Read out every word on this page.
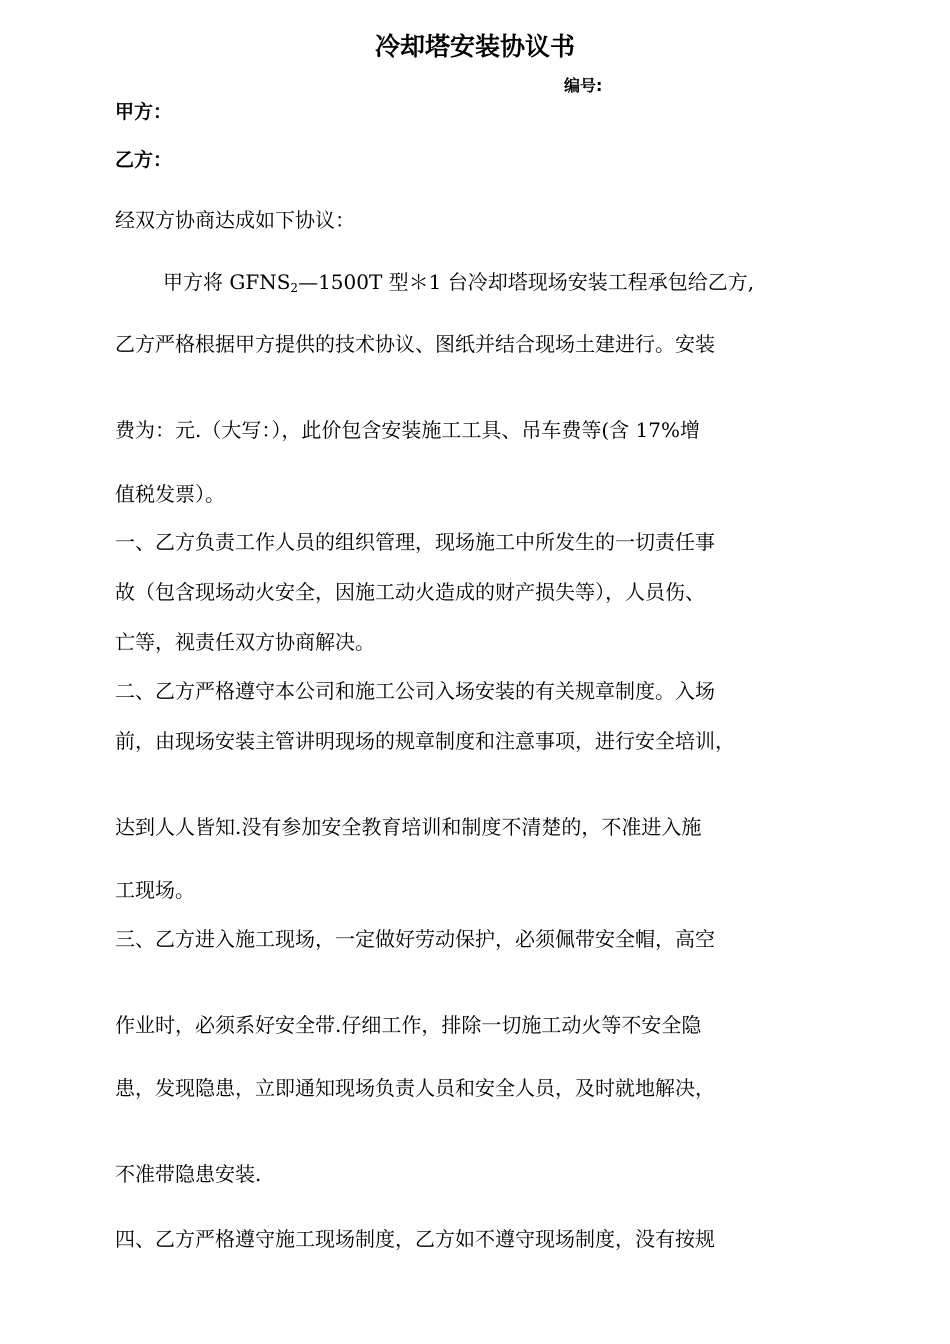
冷却塔安装协议书
编号:
甲方：
乙方：
经双方协商达成如下协议：
甲方将 $GFNS_2—1500T$ 型＊1 台冷却塔现场安装工程承包给乙方,
乙方严格根据甲方提供的技术协议、图纸并结合现场土建进行。安装
费为：元.（大写：），此价包含安装施工工具、吊车费等(含 17%增
值税发票）。
一、乙方负责工作人员的组织管理，现场施工中所发生的一切责任事
故（包含现场动火安全，因施工动火造成的财产损失等），人员伤、
亡等，视责任双方协商解决。
二、乙方严格遵守本公司和施工公司入场安装的有关规章制度。入场
前，由现场安装主管讲明现场的规章制度和注意事项，进行安全培训，
达到人人皆知.没有参加安全教育培训和制度不清楚的，不准进入施
工现场。
三、乙方进入施工现场，一定做好劳动保护，必须佩带安全帽，高空
作业时，必须系好安全带.仔细工作，排除一切施工动火等不安全隐
患，发现隐患，立即通知现场负责人员和安全人员，及时就地解决，
不准带隐患安装.
四、乙方严格遵守施工现场制度，乙方如不遵守现场制度，没有按规
